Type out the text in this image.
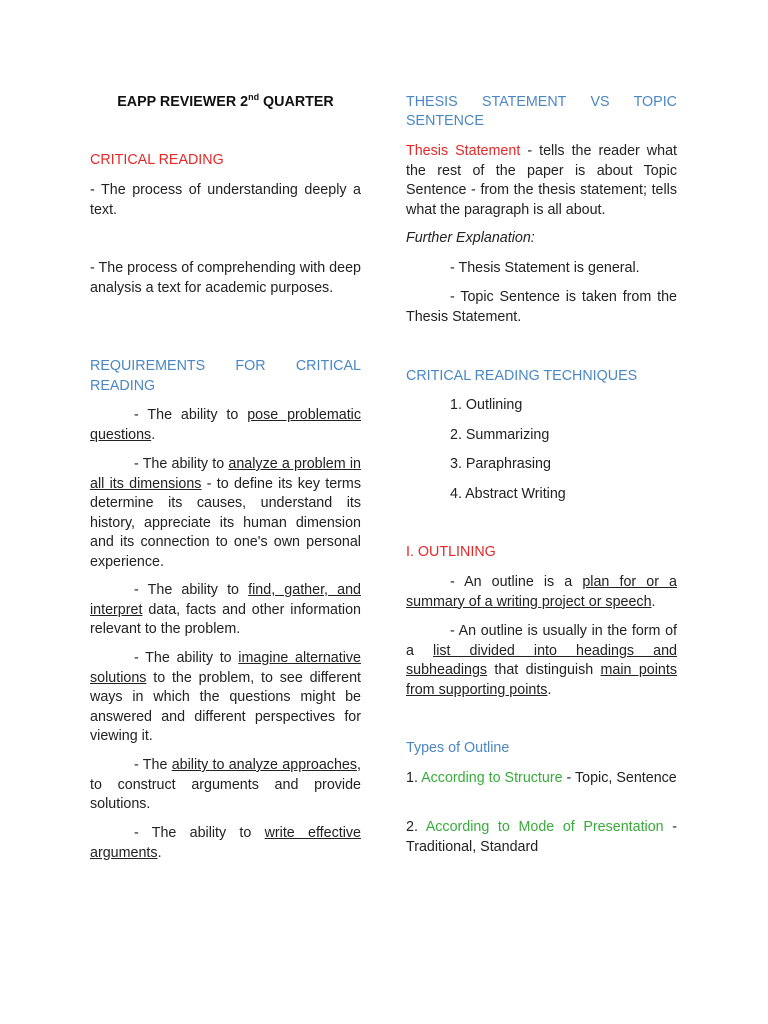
EAPP REVIEWER 2nd QUARTER

CRITICAL READING

- The process of understanding deeply a text.

- The process of comprehending with deep analysis a text for academic purposes.

REQUIREMENTS FOR CRITICAL

READING

- The ability to pose problematic questions.

- The ability to analyze a problem in all its dimensions - to define its key terms determine its causes, understand its history, appreciate its human dimension and its connection to one's own personal experience.

- The ability to find, gather, and interpret data, facts and other information relevant to the problem.

- The ability to imagine alternative solutions to the problem, to see different ways in which the questions might be answered and different perspectives for viewing it.

- The ability to analyze approaches, to construct arguments and provide solutions.

- The ability to write effective arguments.

THESIS STATEMENT VS TOPIC

SENTENCE

Thesis Statement - tells the reader what the rest of the paper is about Topic Sentence - from the thesis statement; tells what the paragraph is all about.

Further Explanation:

- Thesis Statement is general.

- Topic Sentence is taken from the Thesis Statement.

CRITICAL READING TECHNIQUES

1. Outlining

2. Summarizing

3. Paraphrasing

4. Abstract Writing

I. OUTLINING

- An outline is a plan for or a summary of a writing project or speech.

- An outline is usually in the form of a list divided into headings and subheadings that distinguish main points from supporting points.

Types of Outline

1. According to Structure - Topic, Sentence

2. According to Mode of Presentation - Traditional, Standard
